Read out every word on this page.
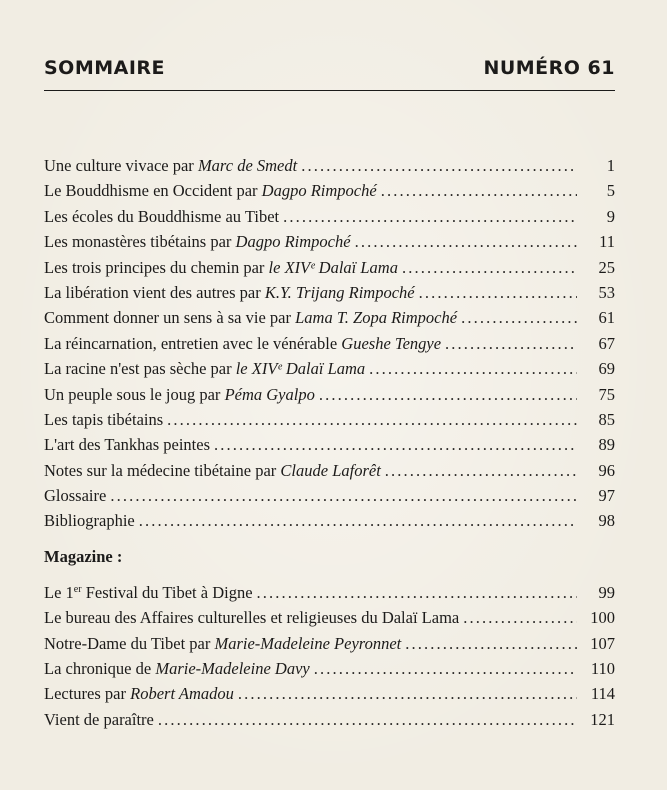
SOMMAIRE	NUMÉRO 61
Une culture vivace par Marc de Smedt . . .	1
Le Bouddhisme en Occident par Dagpo Rimpoché . . .	5
Les écoles du Bouddhisme au Tibet . . .	9
Les monastères tibétains par Dagpo Rimpoché . . .	11
Les trois principes du chemin par le XIVᵉ Dalaï Lama . . .	25
La libération vient des autres par K.Y. Trijang Rimpoché . . .	53
Comment donner un sens à sa vie par Lama T. Zopa Rimpoché . . .	61
La réincarnation, entretien avec le vénérable Gueshe Tengye . . .	67
La racine n'est pas sèche par le XIVᵉ Dalaï Lama . . .	69
Un peuple sous le joug par Péma Gyalpo . . .	75
Les tapis tibétains . . .	85
L'art des Tankhas peintes . . .	89
Notes sur la médecine tibétaine par Claude Laforêt . . .	96
Glossaire . . .	97
Bibliographie . . .	98
Magazine :
Le 1er Festival du Tibet à Digne . . .	99
Le bureau des Affaires culturelles et religieuses du Dalaï Lama . . .	100
Notre-Dame du Tibet par Marie-Madeleine Peyronnet . . .	107
La chronique de Marie-Madeleine Davy . . .	110
Lectures par Robert Amadou . . .	114
Vient de paraître . . .	121
